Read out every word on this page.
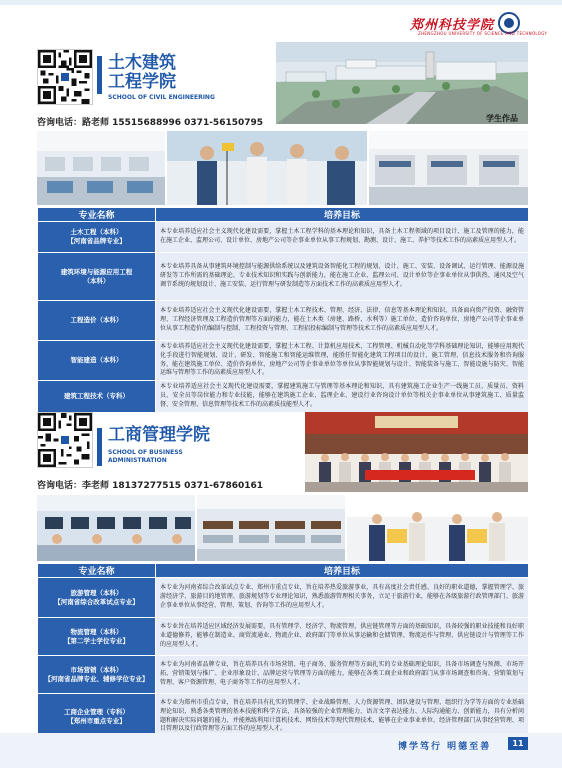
郑州科技学院
ZHENGZHOU UNIVERSITY OF SCIENCE AND TECHNOLOGY
土木建筑
工程学院
SCHOOL OF CIVIL ENGINEERING
咨询电话：路老师 15515688996 0371-56150795	学生作品
专业名称	培养目标

土木工程（本科）
【河南省品牌专业】	本专业培养适应社会主义现代化建设需要，掌握土木工程学科的基本理论和知识，具备土木工程领域的项目设计、施工及管理的能力，能在施工企业、监理公司、设计单位、房地产公司等企事业单位从事工程规划、勘测、设计、施工、养护等技术工作的高素质应用型人才。

建筑环境与能源应用工程
（本科）	本专业培养具备从事建筑环境控制与能源供给系统以及建筑设备智能化工程的规划、设计、施工、安装、设备调试、运行管理、能源设施研发等工作所需的基础理论、专业技术知识和实践与创新能力，能在施工企业、监理公司、设计单位等企事业单位从事供热、通风及空气调节系统的规划设计、施工安装、运行管理与研发制造等方面技术工作的高素质应用型人才。

工程造价（本科）	本专业培养适应社会主义现代化建设需要，掌握土木工程技术、管理、经济、法律、信息等基本理论和知识，具备面向资产投资、融资管理、工程经济管理及工程造价管理等方面的能力，能在土木类（房建、路桥、水利等）施工单位、造价咨询单位、房地产公司等企事业单位从事工程造价的编制与控制、工程投资与管理、工程招投标编制与管理等技术工作的高素质应用型人才。

智能建造（本科）	本专业培养适应社会主义现代化建设需要，掌握土木工程、计算机应用技术、工程管理、机械自动化等学科基础理论知识，能够应用现代化手段进行智能规划、设计、研发、智能施工和智能运维管理，能胜任智能化建筑工程项目的设计、施工管理、信息技术服务和咨询服务，能在建筑施工单位、造价咨询单位、房地产公司等企事业单位等单位从事智能规划与设计、智能装备与施工、智能设施与防灾、智能运维与管理等工作的高素质应用型人才。

建筑工程技术（专科）	本专业培养适应社会主义现代化建设需要，掌握建筑施工与管理等基本理论和知识，具有建筑施工企业生产一线施工员、质量员、资料员、安全员等岗位能力和专业技能，能够在建筑施工企业、监理企业、建设行业咨询设计单位等相关企事业单位从事建筑施工、质量监督、安全管理、信息管理等技术工作的高素质技能型人才。
工商管理学院
SCHOOL OF BUSINESS
ADMINISTRATION
咨询电话：李老师 18137277515 0371-67860161
专业名称	培养目标

旅游管理（本科）
【河南省综合改革试点专业】	本专业为河南省综合改革试点专业、郑州市重点专业，旨在培养热爱旅游事业，具有高度社会责任感、良好的职业道德，掌握管理学、旅游经济学、旅游目的地管理、旅游规划等专业理论知识，熟悉旅游管理相关事务，立足于旅游行业，能够在各级旅游行政管理部门、旅游企事业单位从事经营、管理、策划、咨询等工作的应用型人才。

物流管理（本科）
【第二学士学位专业】	本专业旨在培养适应区域经济发展需要，具有管理学、经济学、物流管理、供应链管理等方面的基础知识，具备较强的职业技能和良好职业道德修养，能够在制造业、商贸流通业、物流企业、政府部门等单位从事运输和仓储管理、物流运作与管理、供应链设计与管理等工作的应用型人才。

市场营销（本科）
【河南省品牌专业、辅修学位专业】	本专业为河南省品牌专业，旨在培养具有市场营销、电子商务、服务管理等方面扎实的专业基础理论知识，具备市场调查与预测、市场开拓、营销策划与推广、企业形象设计、品牌运营与管理等方面的能力，能够在各类工商企业和政府部门从事市场调查和咨询、营销策划与管理、客户资源管理、电子商务等工作的应用型人才。

工商企业管理（专科）
【郑州市重点专业】	本专业为郑州市重点专业，旨在培养具有扎实的管理学、企业战略管理、人力资源管理、团队建设与管理、组织行为学等方面的专业基础理论知识，熟悉各类管理的基本技能和科学方法，具备较强的企业管理能力、语言文字表达能力、人际沟通能力、创新能力，具有分析问题和解决实际问题的能力，并能熟练利用计算机技术、网络技术等现代管理技术，能够在企业事业单位、经济管理部门从事经营管理、项目管理以及行政管理等方面工作的应用型人才。
博学笃行 明德至善	11
